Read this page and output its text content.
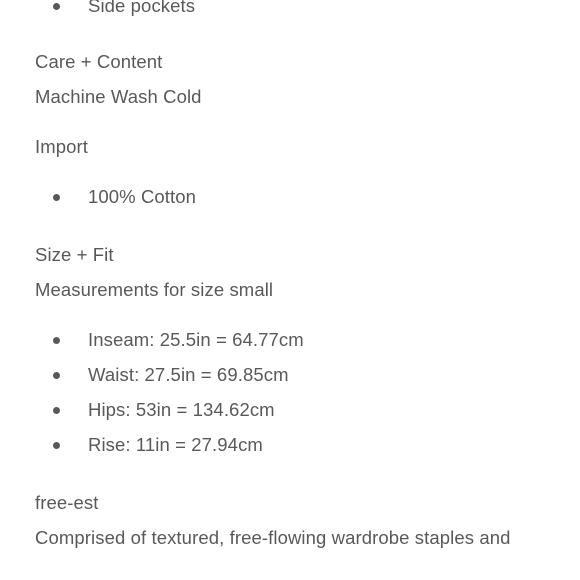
Side pockets
Care + Content
Machine Wash Cold
Import
100% Cotton
Size + Fit
Measurements for size small
Inseam: 25.5in = 64.77cm
Waist: 27.5in = 69.85cm
Hips: 53in = 134.62cm
Rise: 11in = 27.94cm
free-est
Comprised of textured, free-flowing wardrobe staples and
